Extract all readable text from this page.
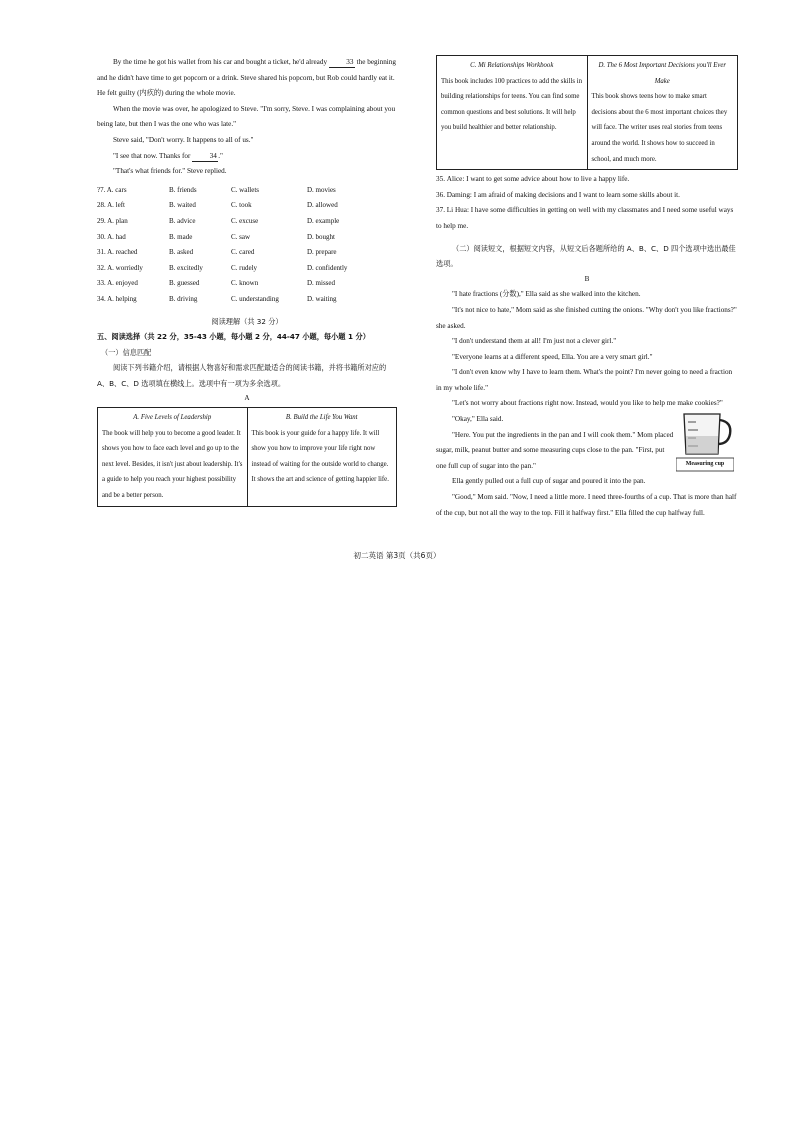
By the time he got his wallet from his car and bought a ticket, he'd already 33 the beginning and he didn't have time to get popcorn or a drink. Steve shared his popcorn, but Rob could hardly eat it. He felt guilty (内疚的) during the whole movie.

When the movie was over, he apologized to Steve. "I'm sorry, Steve. I was complaining about you being late, but then I was the one who was late."

Steve said, "Don't worry. It happens to all of us."

"I see that now. Thanks for 34."

"That's what friends for." Steve replied.

?7. A. cars	B. friends	C. wallets	D. movies
28. A. left	B. waited	C. took	D. allowed
29. A. plan	B. advice	C. excuse	D. example
30. A. had	B. made	C. saw	D. bought
31. A. reached	B. asked	C. cared	D. prepare
32. A. worriedly	B. excitedly	C. rudely	D. confidently
33. A. enjoyed	B. guessed	C. known	D. missed
34. A. helping	B. driving	C. understanding	D. waiting

阅读理解（共 32 分）

五、阅读选择（共 22 分，35-43 小题，每小题 2 分，44-47 小题，每小题 1 分）

（一）信息匹配

阅读下列书籍介绍，请根据人物喜好和需求匹配最适合的阅读书籍，并将书籍所对应的 A、B、C、D 选项填在横线上。选项中有一项为多余选项。

A

A. Five Levels of Leadership
The book will help you to become a good leader. It shows you how to face each level and go up to the next level. Besides, it isn't just about leadership. It's a guide to help you reach your highest possibility and be a better person.
B. Build the Life You Want
This book is your guide for a happy life. It will show you how to improve your life right now instead of waiting for the outside world to change. It shows the art and science of getting happier life.
C. Mi Relationships Workbook
This book includes 100 practices to add the skills in building relationships for teens. You can find some common questions and best solutions. It will help you build healthier and better relationship.
D. The 6 Most Important Decisions you'll Ever Make
This book shows teens how to make smart decisions about the 6 most important choices they will face. The writer uses real stories from teens around the world. It shows how to succeed in school, and much more.

35. Alice: I want to get some advice about how to live a happy life.

36. Daming: I am afraid of making decisions and I want to learn some skills about it.

37. Li Hua: I have some difficulties in getting on well with my classmates and I need some useful ways to help me.

（二）阅读短文，根据短文内容，从短文后各题所给的 A、B、C、D 四个选项中选出最佳选项。

B

"I hate fractions (分数)," Ella said as she walked into the kitchen.

"It's not nice to hate," Mom said as she finished cutting the onions. "Why don't you like fractions?" she asked.

"I don't understand them at all! I'm just not a clever girl."

"Everyone learns at a different speed, Ella. You are a very smart girl."

"I don't even know why I have to learn them. What's the point? I'm never going to need a fraction in my whole life."

"Let's not worry about fractions right now. Instead, would you like to help me make cookies?"

"Okay," Ella said.

"Here. You put the ingredients in the pan and I will cook them." Mom placed sugar, milk, peanut butter and some measuring cups close to the pan. "First, put one full cup of sugar into the pan."

Ella gently pulled out a full cup of sugar and poured it into the pan.

"Good," Mom said. "Now, I need a little more. I need three-fourths of a cup. That is more than half of the cup, but not all the way to the top. Fill it halfway first." Ella filled the cup halfway full.

Measuring cup
初二英语 第3页（共6页）
